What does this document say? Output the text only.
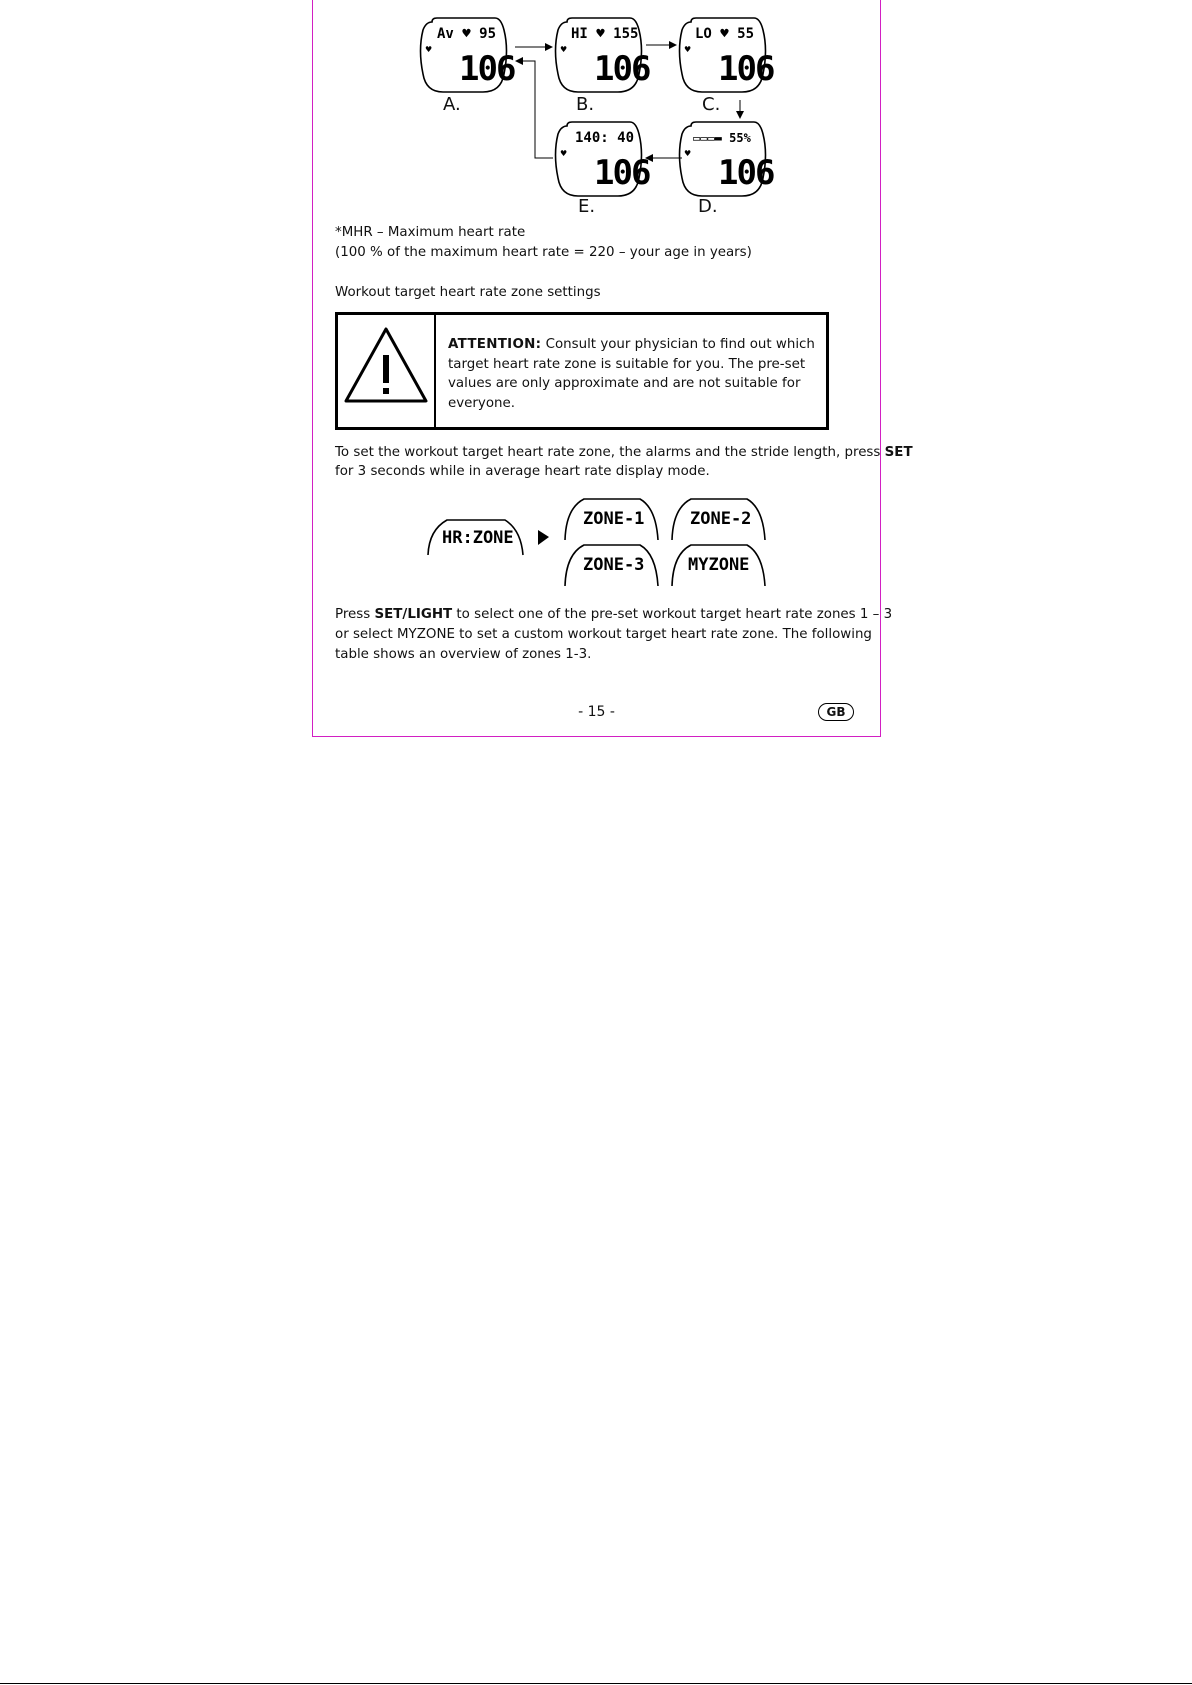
Av ♥ 95
106
♥
HI ♥ 155
106
♥
LO ♥ 55
106
♥
140: 40
106
♥
▭▭▭▬ 55%
106
♥
HR:ZONE
ZONE-1	ZONE-2
ZONE-3	MYZONE
A.	B.	C.
E.	D.
*MHR – Maximum heart rate
(100 % of the maximum heart rate = 220 – your age in years)
Workout target heart rate zone settings
ATTENTION: Consult your physician to find out which target heart rate zone is suitable for you. The pre-set values are only approximate and are not suitable for everyone.
To set the workout target heart rate zone, the alarms and the stride length, press SET
for 3 seconds while in average heart rate display mode.
Press SET/LIGHT to select one of the pre-set workout target heart rate zones 1 – 3
or select MYZONE to set a custom workout target heart rate zone. The following
table shows an overview of zones 1-3.
- 15 -	GB
